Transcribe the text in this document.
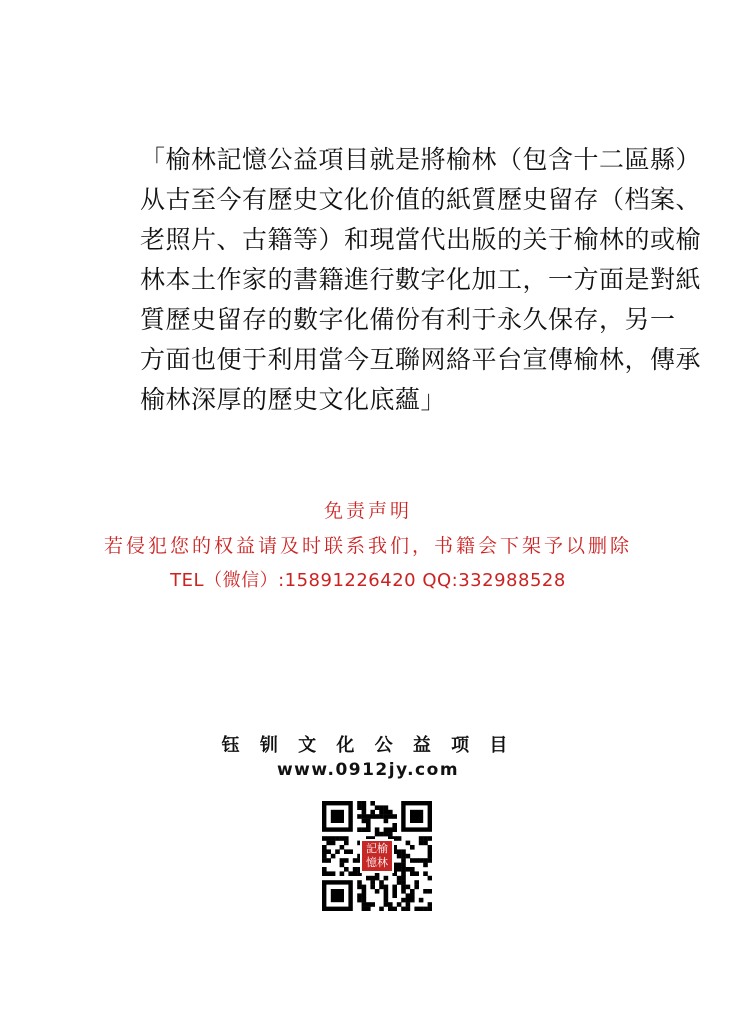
「榆林記憶公益項目就是將榆林（包含十二區縣）
从古至今有歷史文化价值的紙質歷史留存（档案、
老照片、古籍等）和現當代出版的关于榆林的或榆
林本土作家的書籍進行數字化加工，一方面是對紙
質歷史留存的數字化備份有利于永久保存，另一
方面也便于利用當今互聯网絡平台宣傳榆林，傳承
榆林深厚的歷史文化底蘊」
免责声明
若侵犯您的权益请及时联系我们，书籍会下架予以删除
TEL（微信）:15891226420 QQ:332988528
钰 钏 文 化 公 益 项 目
www.0912jy.com
記榆憶林
